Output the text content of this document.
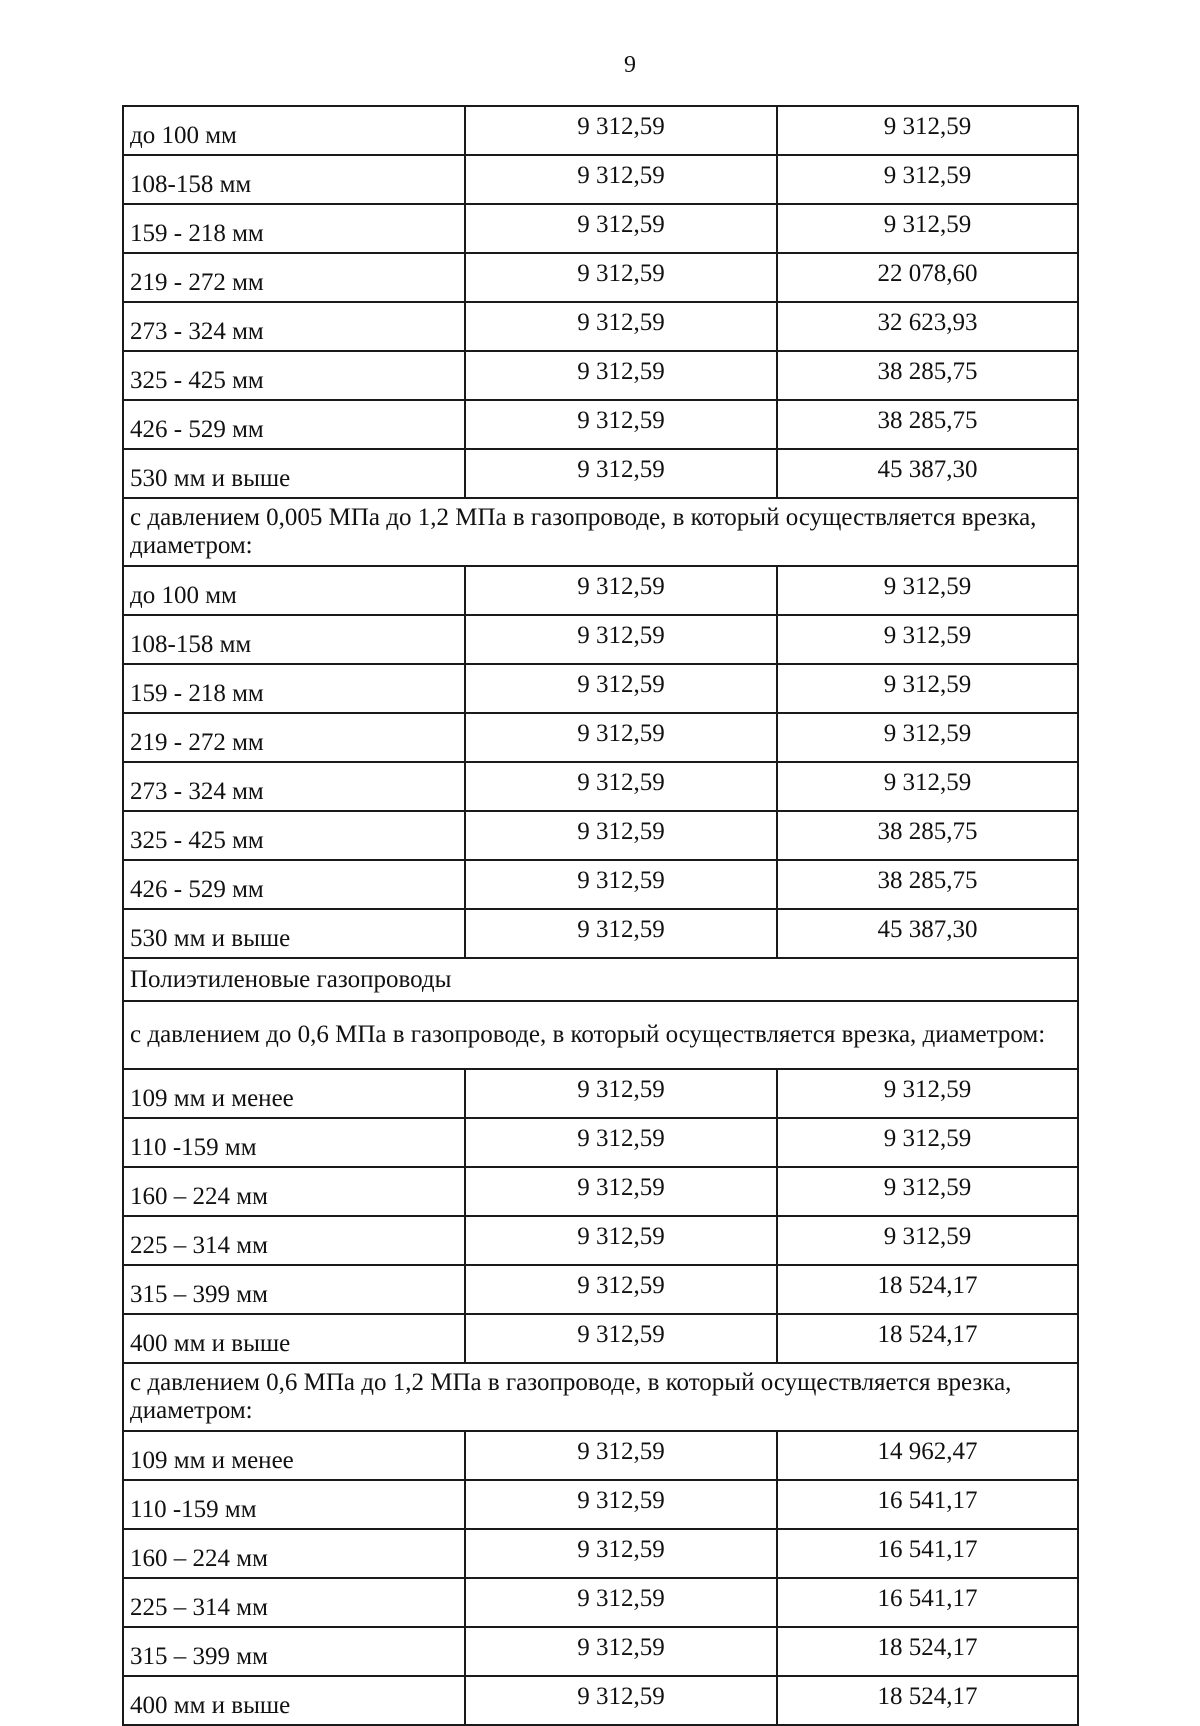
9
до 100 мм	9 312,59	9 312,59
108-158 мм	9 312,59	9 312,59
159 - 218 мм	9 312,59	9 312,59
219 - 272 мм	9 312,59	22 078,60
273 - 324 мм	9 312,59	32 623,93
325 - 425 мм	9 312,59	38 285,75
426 - 529 мм	9 312,59	38 285,75
530 мм и выше	9 312,59	45 387,30
с давлением 0,005 МПа до 1,2 МПа в газопроводе, в который осуществляется врезка, диаметром:		
до 100 мм	9 312,59	9 312,59
108-158 мм	9 312,59	9 312,59
159 - 218 мм	9 312,59	9 312,59
219 - 272 мм	9 312,59	9 312,59
273 - 324 мм	9 312,59	9 312,59
325 - 425 мм	9 312,59	38 285,75
426 - 529 мм	9 312,59	38 285,75
530 мм и выше	9 312,59	45 387,30
Полиэтиленовые газопроводы		
с давлением до 0,6 МПа в газопроводе, в который осуществляется врезка, диаметром:		
109 мм и менее	9 312,59	9 312,59
110 -159 мм	9 312,59	9 312,59
160 – 224 мм	9 312,59	9 312,59
225 – 314 мм	9 312,59	9 312,59
315 – 399 мм	9 312,59	18 524,17
400 мм и выше	9 312,59	18 524,17
с давлением 0,6 МПа до 1,2 МПа в газопроводе, в который осуществляется врезка, диаметром:		
109 мм и менее	9 312,59	14 962,47
110 -159 мм	9 312,59	16 541,17
160 – 224 мм	9 312,59	16 541,17
225 – 314 мм	9 312,59	16 541,17
315 – 399 мм	9 312,59	18 524,17
400 мм и выше	9 312,59	18 524,17
